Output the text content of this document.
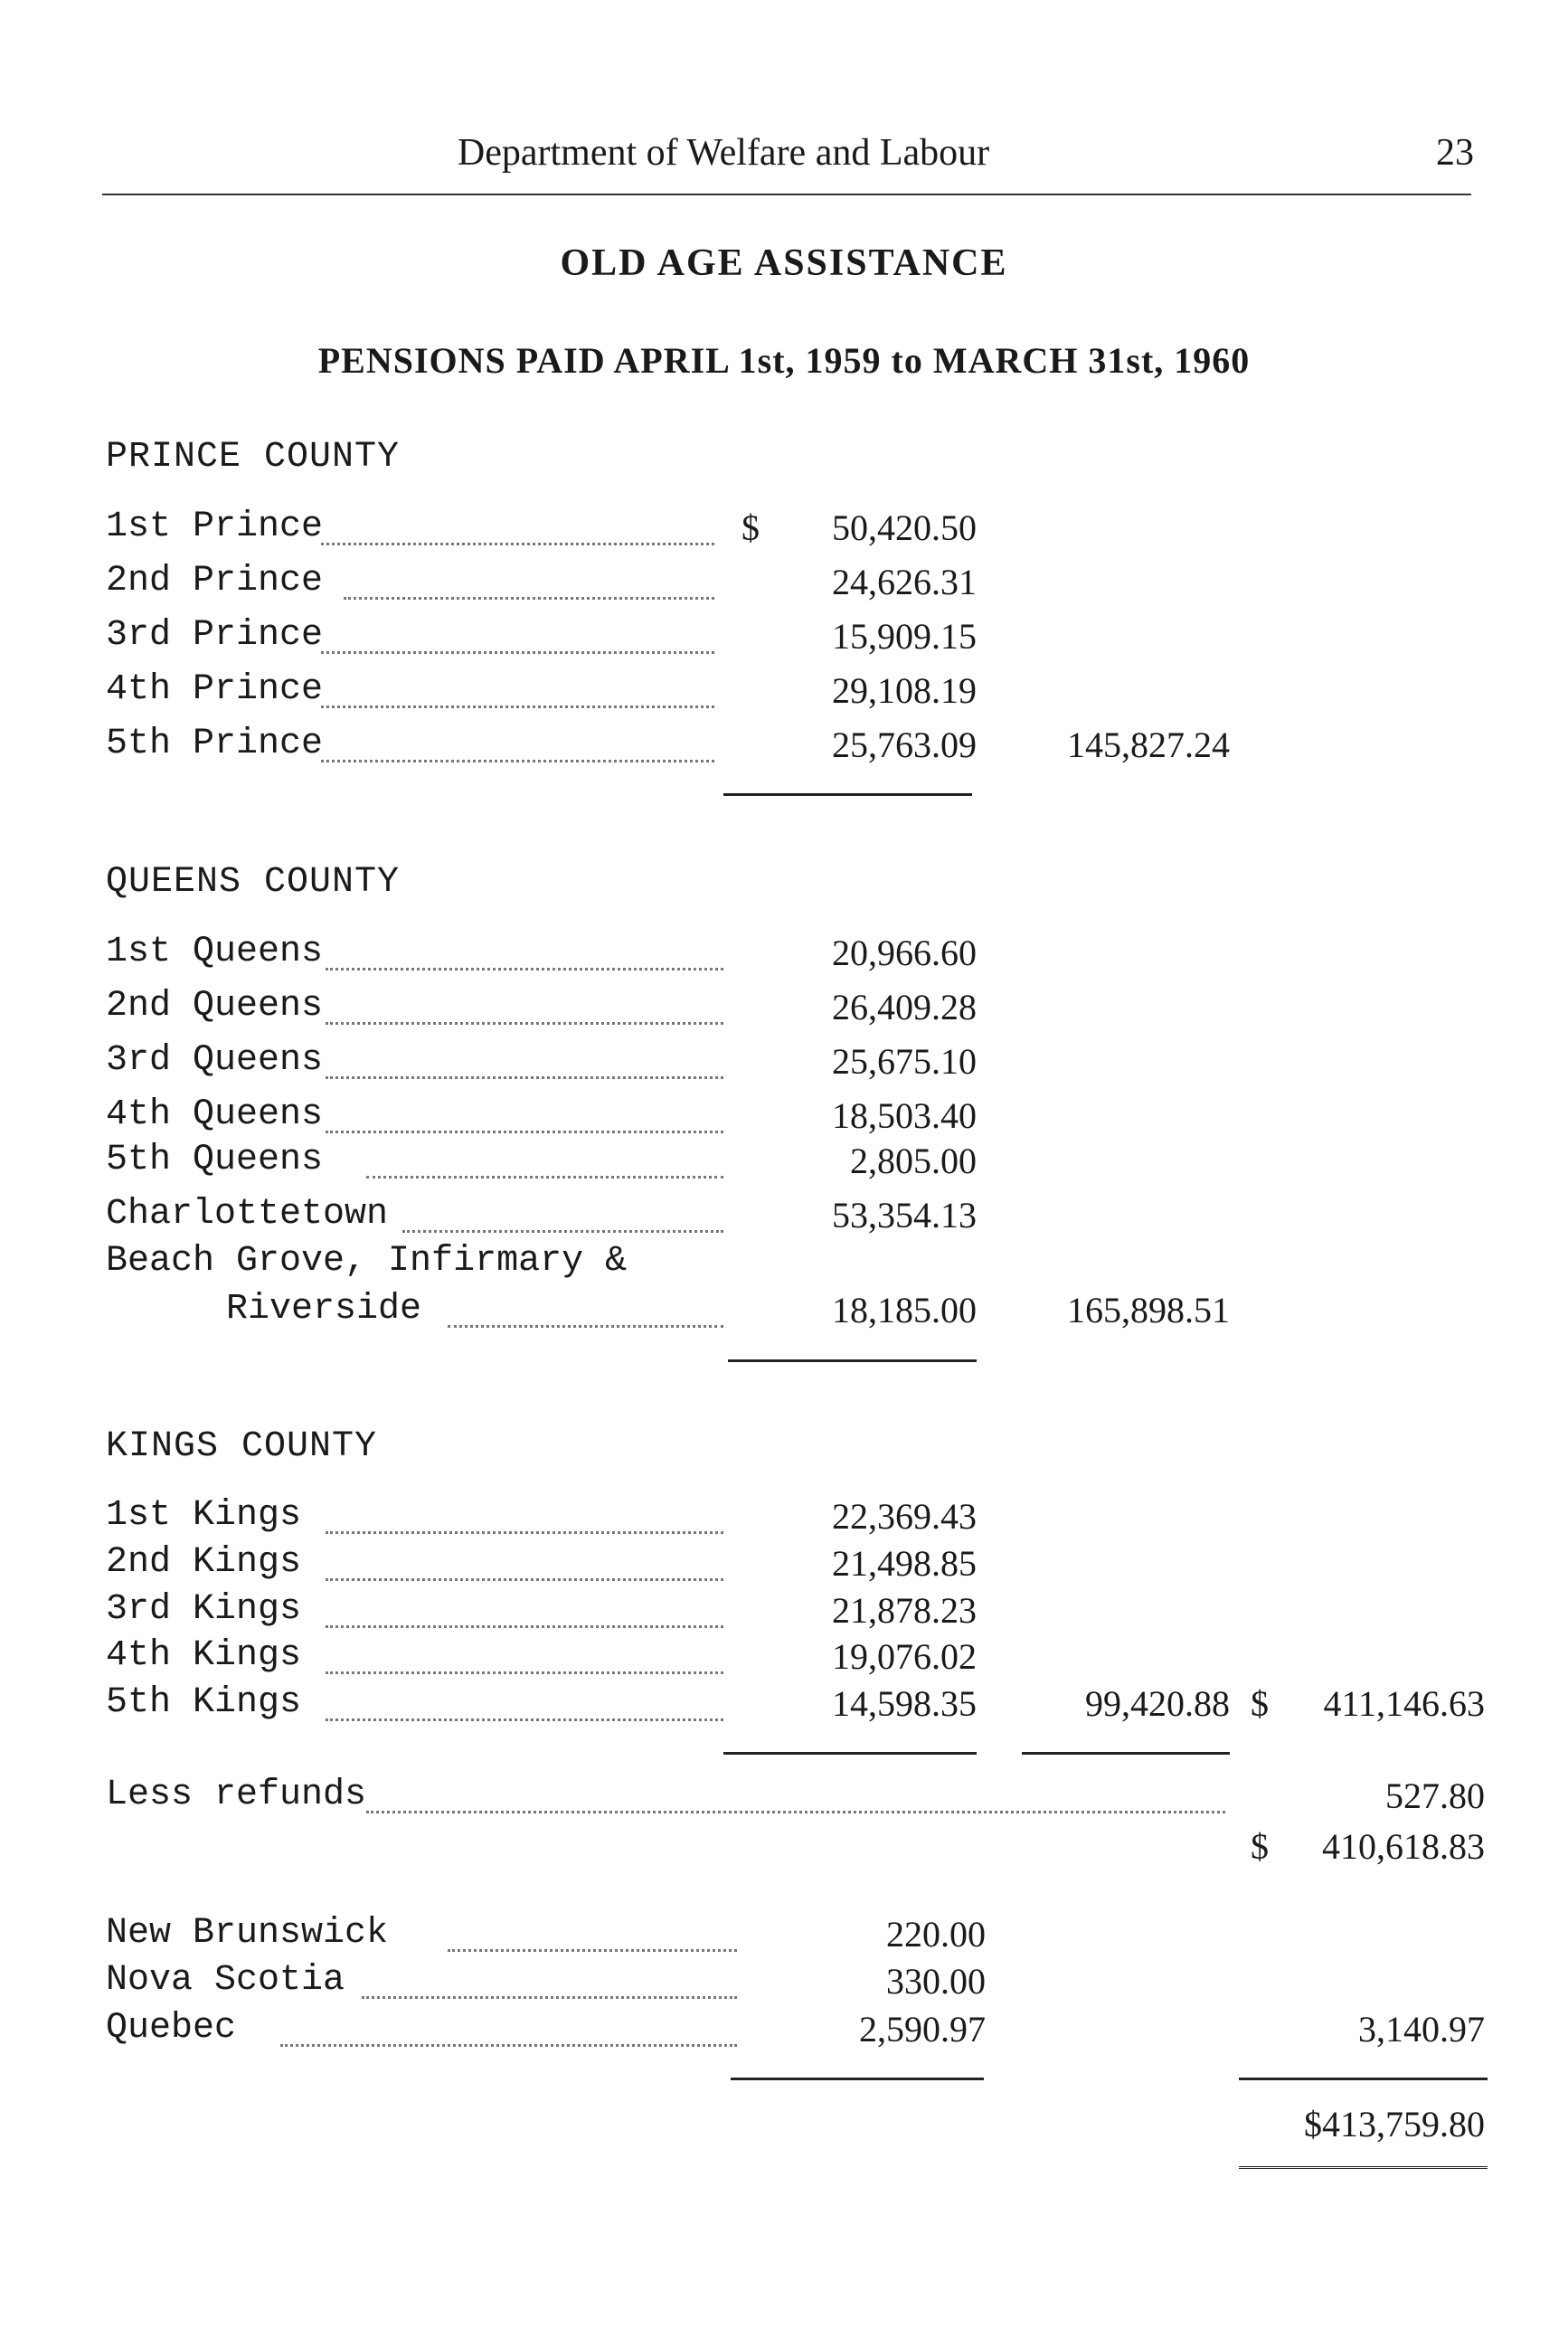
Department of Welfare and Labour	23
OLD AGE ASSISTANCE
PENSIONS PAID APRIL 1st, 1959 to MARCH 31st, 1960
PRINCE COUNTY
1st Prince	$	50,420.50
2nd Prince	24,626.31
3rd Prince	15,909.15
4th Prince	29,108.19
5th Prince	25,763.09	145,827.24
QUEENS COUNTY
1st Queens	20,966.60
2nd Queens	26,409.28
3rd Queens	25,675.10
4th Queens	18,503.40
5th Queens	2,805.00
Charlottetown	53,354.13
Beach Grove, Infirmary &
Riverside	18,185.00	165,898.51
KINGS COUNTY
1st Kings	22,369.43
2nd Kings	21,498.85
3rd Kings	21,878.23
4th Kings	19,076.02
5th Kings	14,598.35	99,420.88 $	411,146.63
Less refunds	527.80
$	410,618.83
New Brunswick	220.00
Nova Scotia	330.00
Quebec	2,590.97	3,140.97
$413,759.80
